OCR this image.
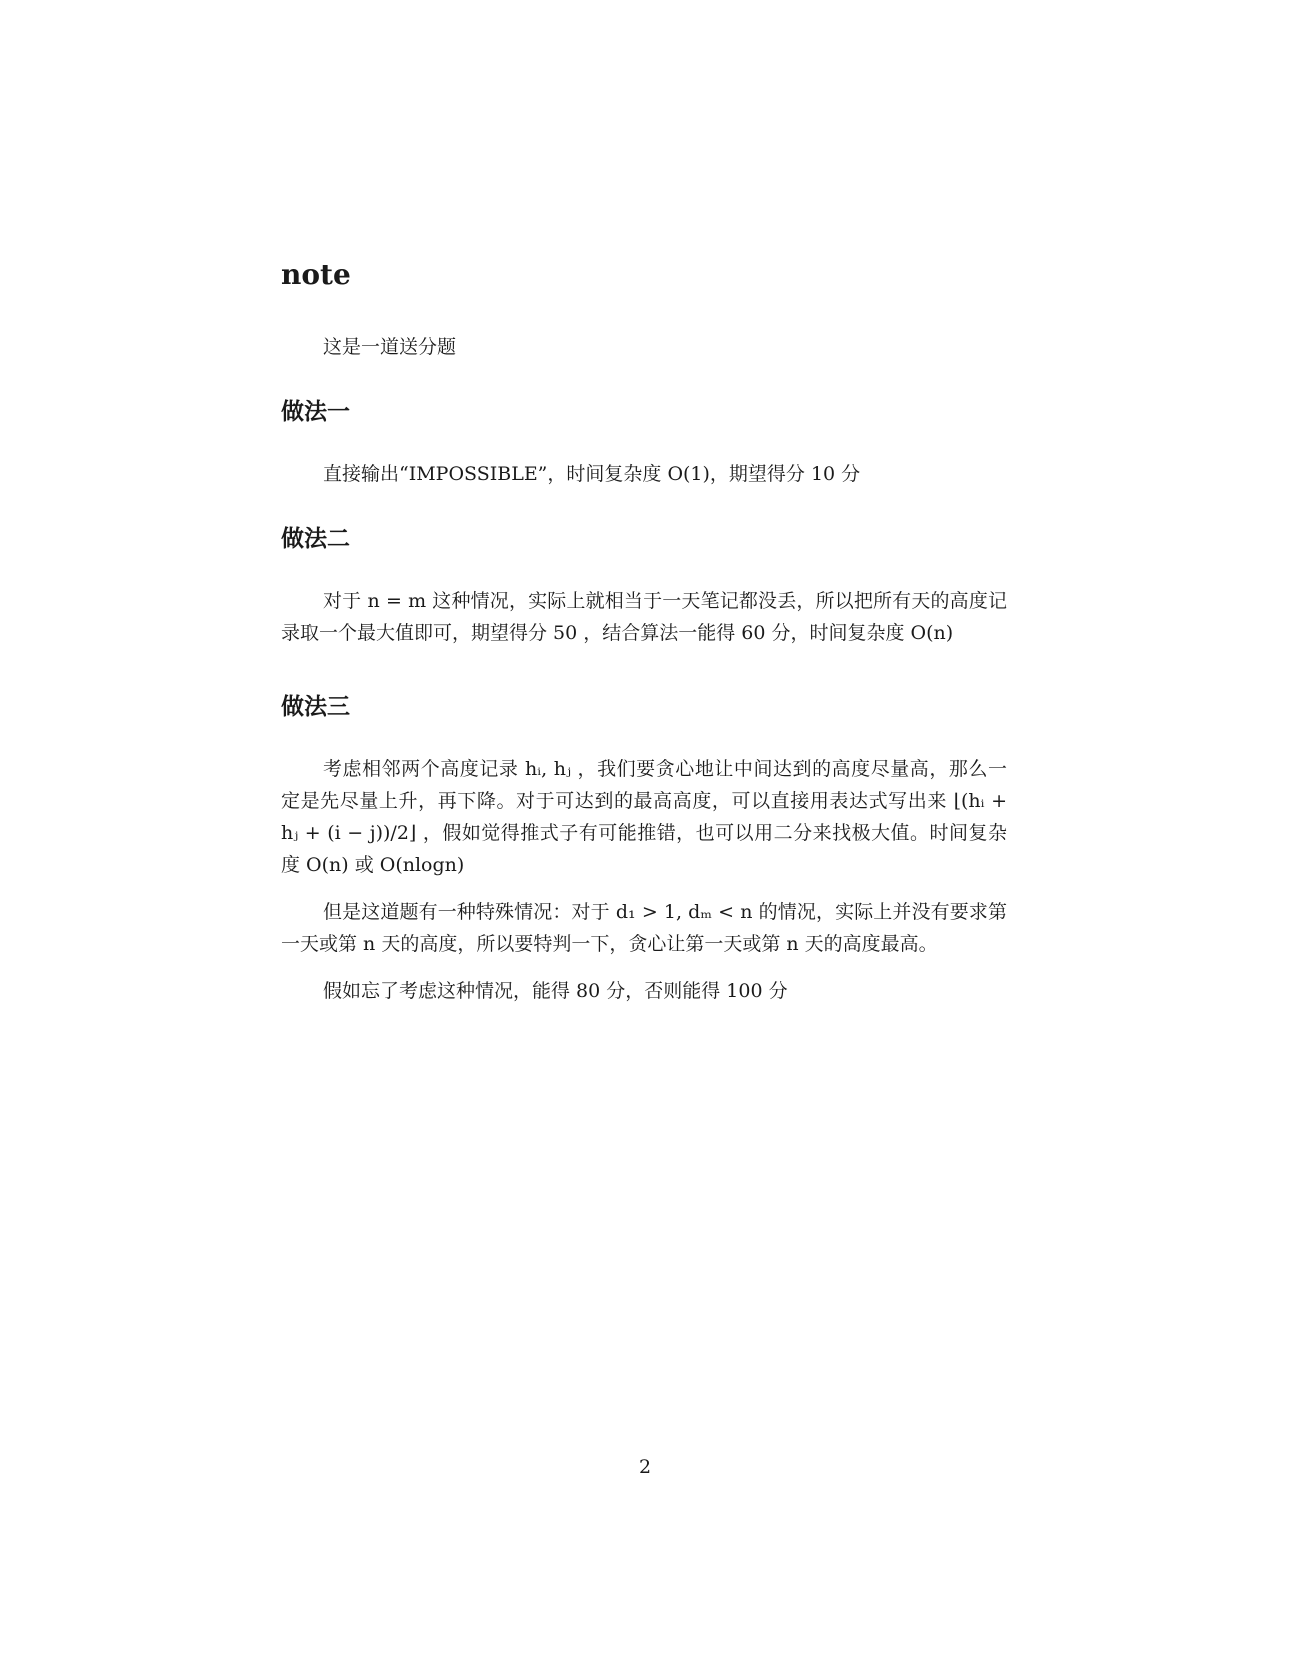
note

这是一道送分题

做法一

直接输出“IMPOSSIBLE”，时间复杂度 O(1)，期望得分 10 分

做法二

对于 n = m 这种情况，实际上就相当于一天笔记都没丢，所以把所有天的高度记录取一个最大值即可，期望得分 50 ，结合算法一能得 60 分，时间复杂度 O(n)

做法三

考虑相邻两个高度记录 hᵢ, hⱼ ，我们要贪心地让中间达到的高度尽量高，那么一定是先尽量上升，再下降。对于可达到的最高高度，可以直接用表达式写出来 ⌊(hᵢ + hⱼ + (i − j))/2⌋ ，假如觉得推式子有可能推错，也可以用二分来找极大值。时间复杂度 O(n) 或 O(nlogn)

但是这道题有一种特殊情况：对于 d₁ > 1, dₘ < n 的情况，实际上并没有要求第一天或第 n 天的高度，所以要特判一下，贪心让第一天或第 n 天的高度最高。

假如忘了考虑这种情况，能得 80 分，否则能得 100 分

2
